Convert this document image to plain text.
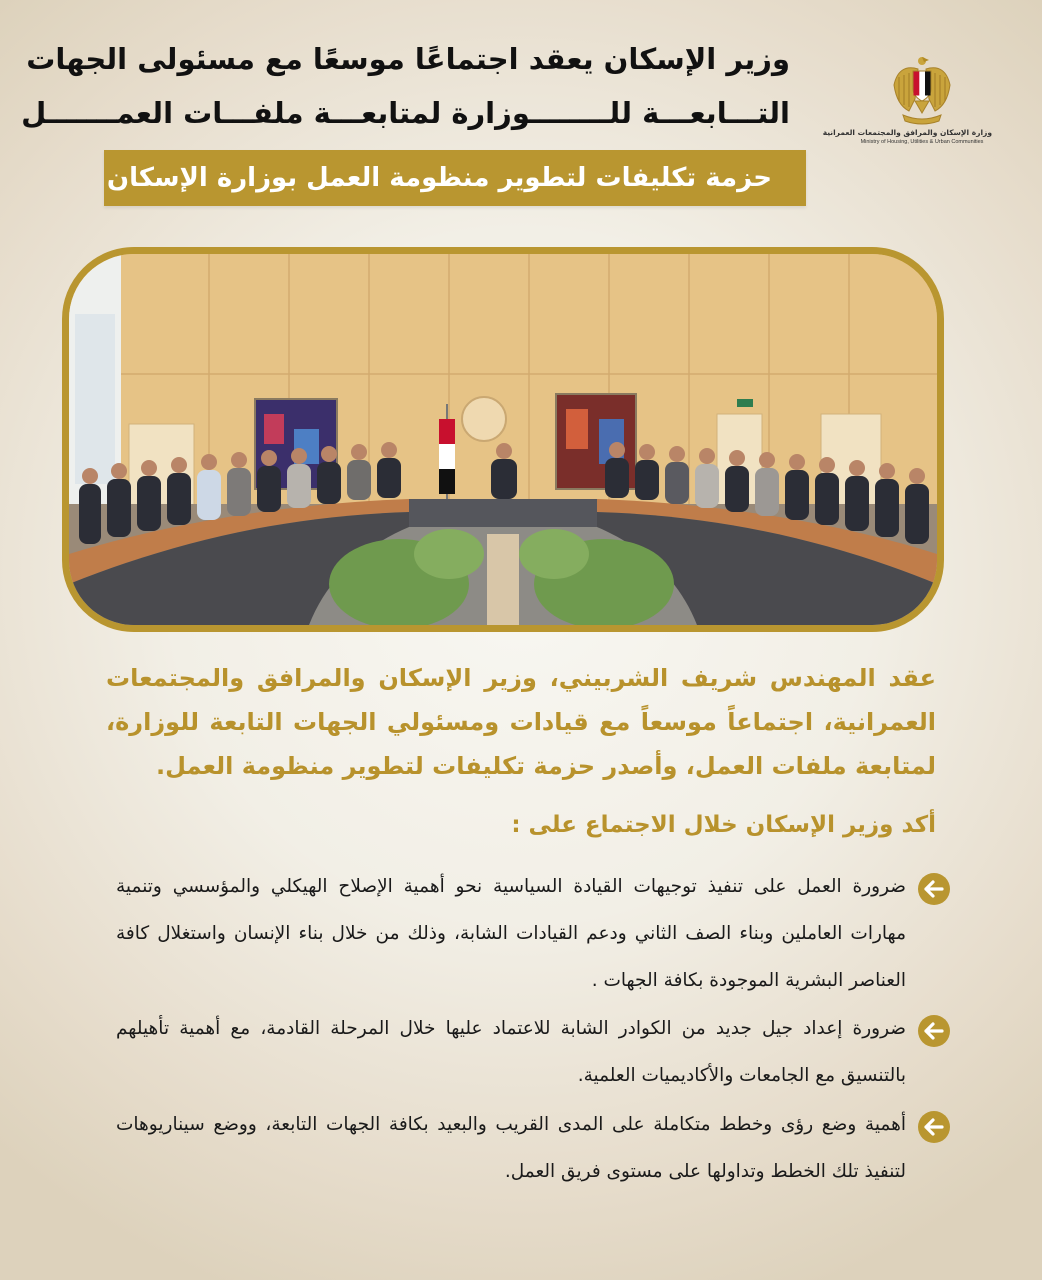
وزير الإسكان يعقد اجتماعًا موسعًا مع مسئولى الجهات
التـــابعـــة للــــــــوزارة لمتابعـــة ملفـــات العمـــــــل
حزمة تكليفات لتطوير منظومة العمل بوزارة الإسكان
وزارة الإسكان والمرافق والمجتمعات العمرانية
Ministry of Housing, Utilities & Urban Communities

عقد المهندس شريف الشربيني، وزير الإسكان والمرافق والمجتمعات العمرانية، اجتماعاً موسعاً مع قيادات ومسئولي الجهات التابعة للوزارة، لمتابعة ملفات العمل، وأصدر حزمة تكليفات لتطوير منظومة العمل.

أكد وزير الإسكان خلال الاجتماع على :

ضرورة العمل على تنفيذ توجيهات القيادة السياسية نحو أهمية الإصلاح الهيكلي والمؤسسي وتنمية مهارات العاملين وبناء الصف الثاني ودعم القيادات الشابة، وذلك من خلال بناء الإنسان واستغلال كافة العناصر البشرية الموجودة بكافة الجهات .

ضرورة إعداد جيل جديد من الكوادر الشابة للاعتماد عليها خلال المرحلة القادمة، مع أهمية تأهيلهم بالتنسيق مع الجامعات والأكاديميات العلمية.

أهمية وضع رؤى وخطط متكاملة على المدى القريب والبعيد بكافة الجهات التابعة، ووضع سيناريوهات لتنفيذ تلك الخطط وتداولها على مستوى فريق العمل.
